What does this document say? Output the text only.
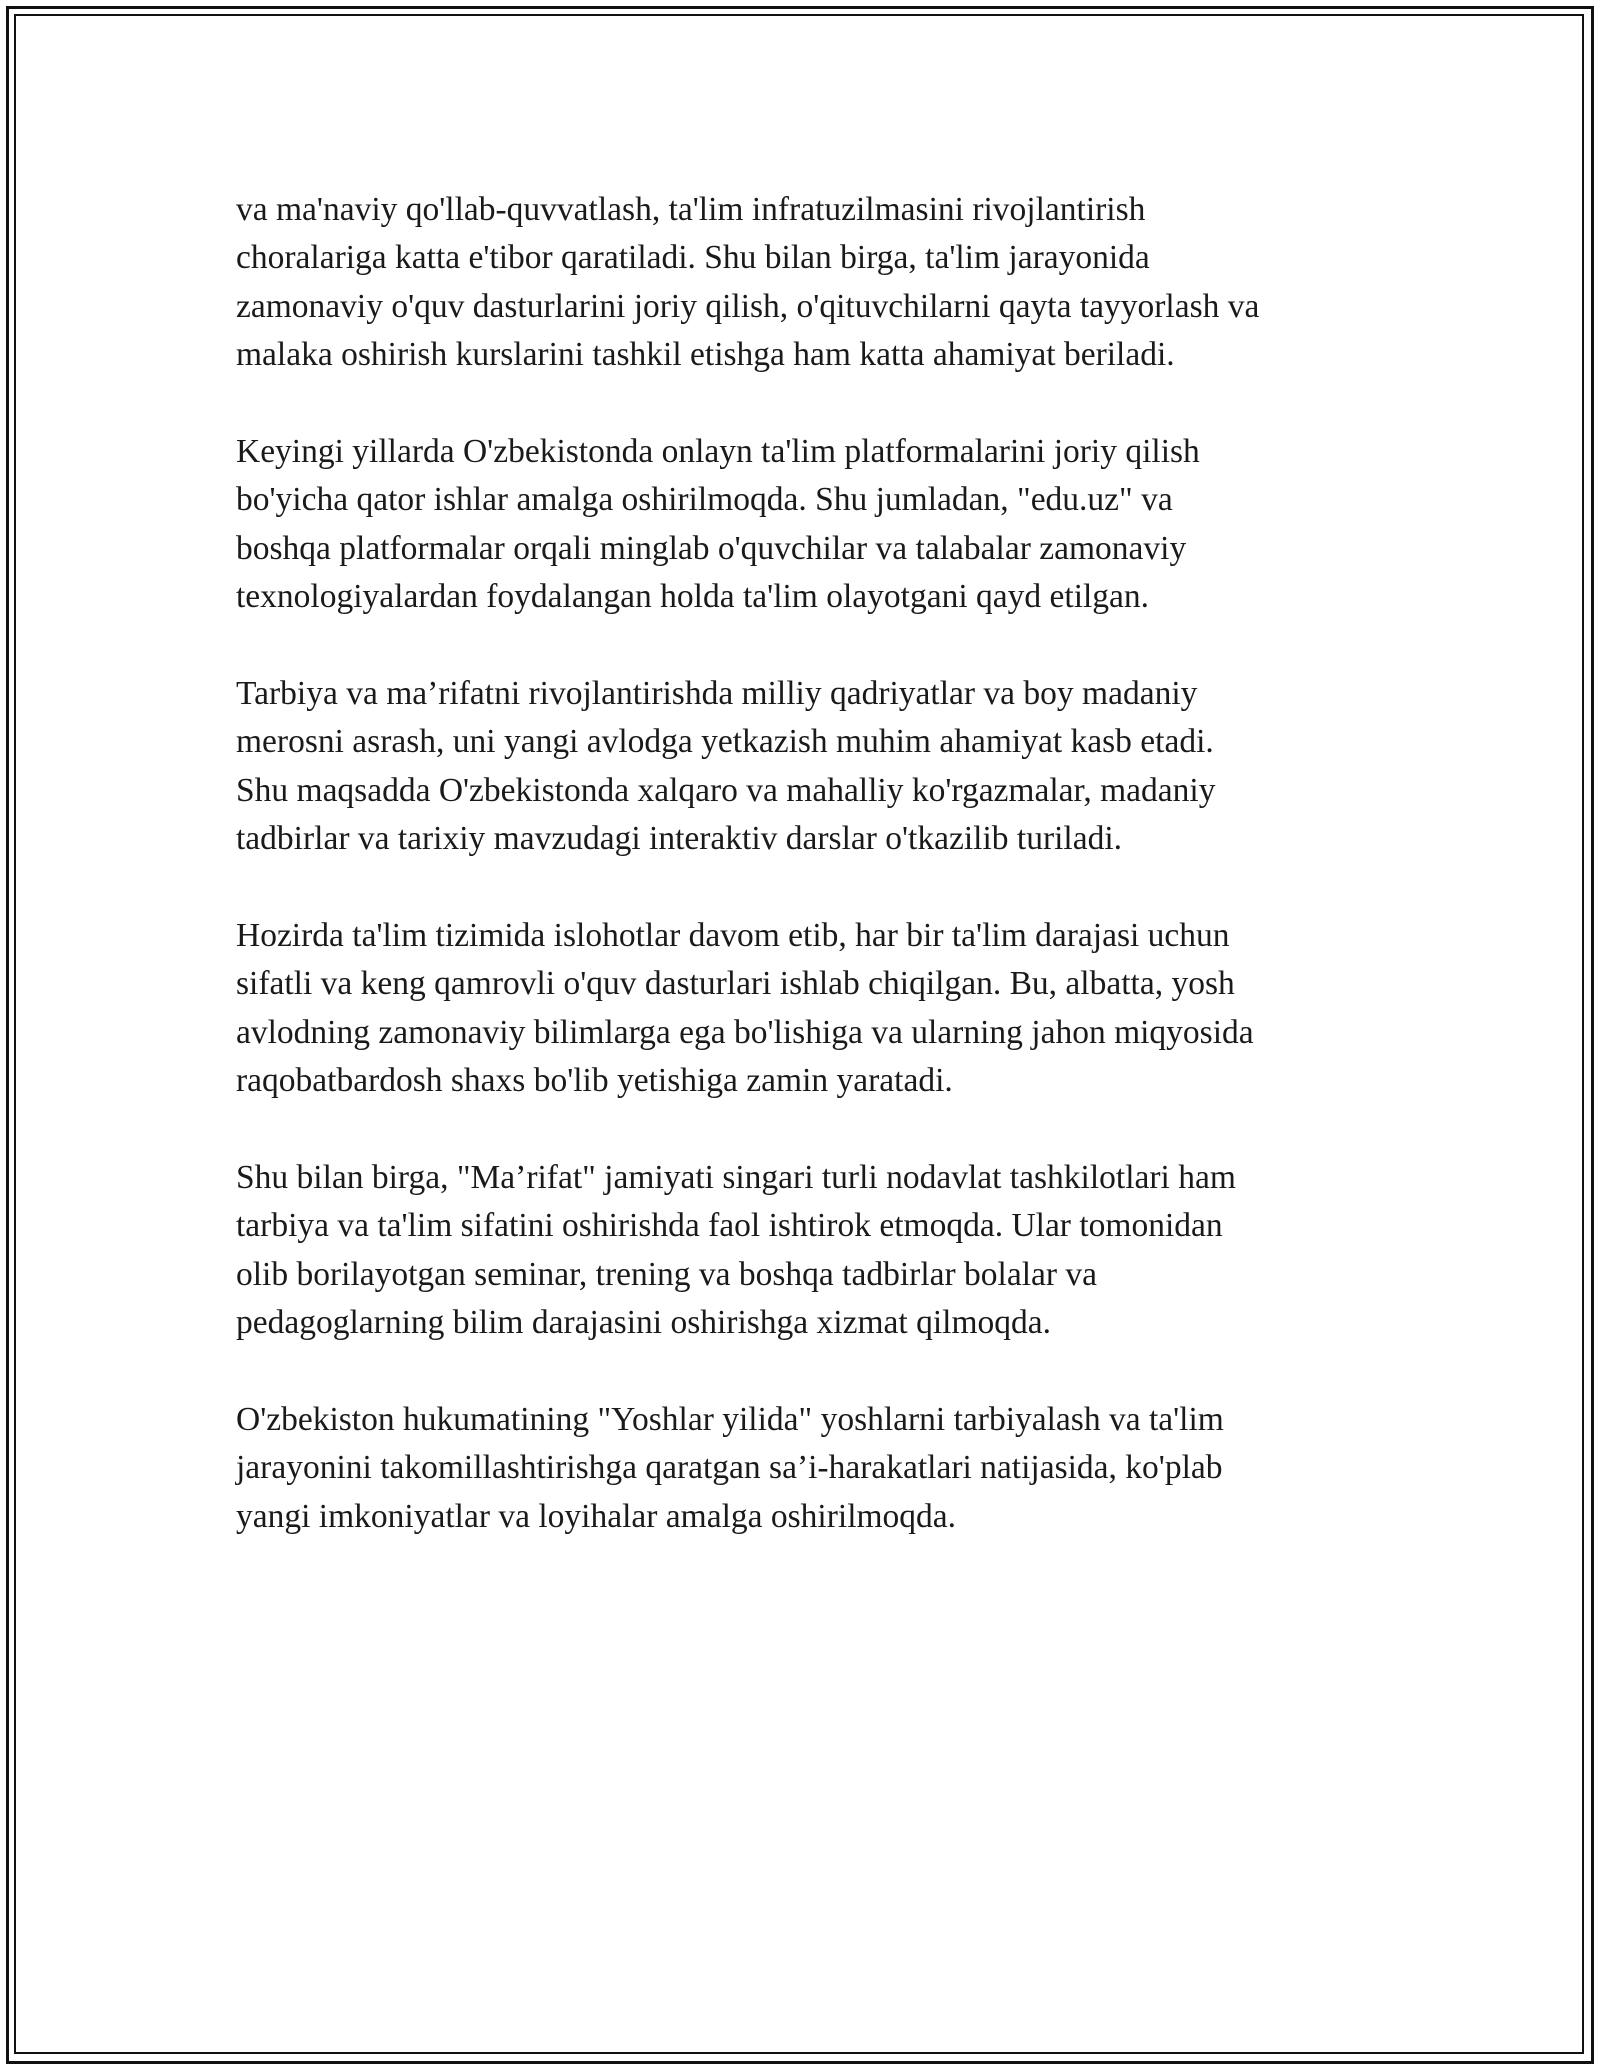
va ma'naviy qo'llab-quvvatlash, ta'lim infratuzilmasini rivojlantirish
choralariga katta e'tibor qaratiladi. Shu bilan birga, ta'lim jarayonida
zamonaviy o'quv dasturlarini joriy qilish, o'qituvchilarni qayta tayyorlash va
malaka oshirish kurslarini tashkil etishga ham katta ahamiyat beriladi.

Keyingi yillarda O'zbekistonda onlayn ta'lim platformalarini joriy qilish
bo'yicha qator ishlar amalga oshirilmoqda. Shu jumladan, "edu.uz" va
boshqa platformalar orqali minglab o'quvchilar va talabalar zamonaviy
texnologiyalardan foydalangan holda ta'lim olayotgani qayd etilgan.

Tarbiya va ma’rifatni rivojlantirishda milliy qadriyatlar va boy madaniy
merosni asrash, uni yangi avlodga yetkazish muhim ahamiyat kasb etadi.
Shu maqsadda O'zbekistonda xalqaro va mahalliy ko'rgazmalar, madaniy
tadbirlar va tarixiy mavzudagi interaktiv darslar o'tkazilib turiladi.

Hozirda ta'lim tizimida islohotlar davom etib, har bir ta'lim darajasi uchun
sifatli va keng qamrovli o'quv dasturlari ishlab chiqilgan. Bu, albatta, yosh
avlodning zamonaviy bilimlarga ega bo'lishiga va ularning jahon miqyosida
raqobatbardosh shaxs bo'lib yetishiga zamin yaratadi.

Shu bilan birga, "Ma’rifat" jamiyati singari turli nodavlat tashkilotlari ham
tarbiya va ta'lim sifatini oshirishda faol ishtirok etmoqda. Ular tomonidan
olib borilayotgan seminar, trening va boshqa tadbirlar bolalar va
pedagoglarning bilim darajasini oshirishga xizmat qilmoqda.

O'zbekiston hukumatining "Yoshlar yilida" yoshlarni tarbiyalash va ta'lim
jarayonini takomillashtirishga qaratgan sa’i-harakatlari natijasida, ko'plab
yangi imkoniyatlar va loyihalar amalga oshirilmoqda.
